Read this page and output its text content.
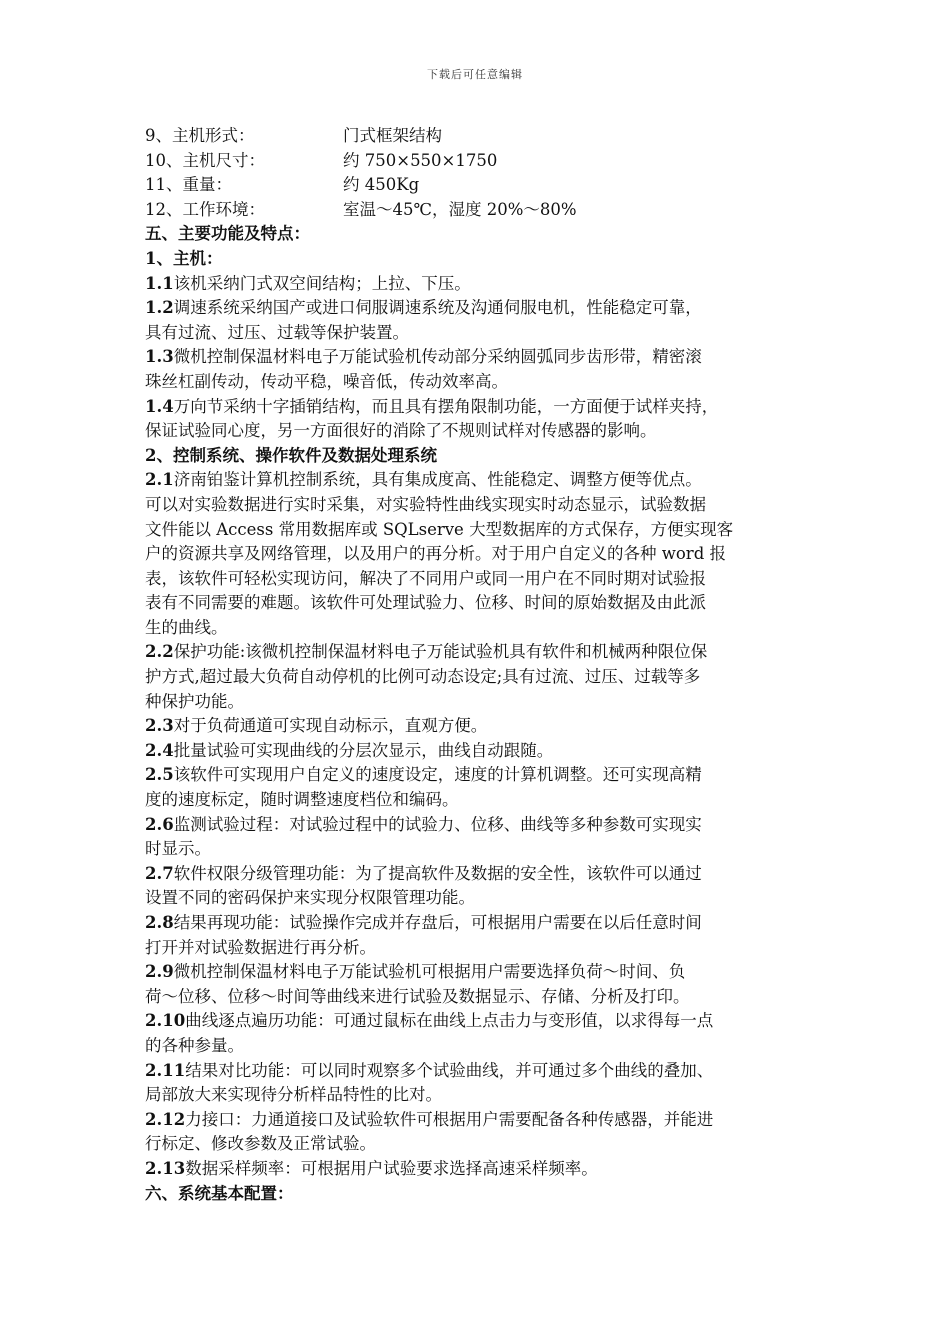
下载后可任意编辑
9、主机形式：	门式框架结构
10、主机尺寸：	约 750×550×1750
11、重量：	约 450Kg
12、工作环境：	室温～45℃，湿度 20%～80%
五、主要功能及特点：
1、主机：
1.1该机采纳门式双空间结构；上拉、下压。
1.2调速系统采纳国产或进口伺服调速系统及沟通伺服电机，性能稳定可靠，
具有过流、过压、过载等保护装置。
1.3微机控制保温材料电子万能试验机传动部分采纳圆弧同步齿形带，精密滚
珠丝杠副传动，传动平稳，噪音低，传动效率高。
1.4万向节采纳十字插销结构，而且具有摆角限制功能，一方面便于试样夹持，
保证试验同心度，另一方面很好的消除了不规则试样对传感器的影响。
2、控制系统、操作软件及数据处理系统
2.1济南铂鉴计算机控制系统，具有集成度高、性能稳定、调整方便等优点。
可以对实验数据进行实时采集，对实验特性曲线实现实时动态显示，试验数据
文件能以 Access 常用数据库或 SQLserve 大型数据库的方式保存，方便实现客
户的资源共享及网络管理，以及用户的再分析。对于用户自定义的各种 word 报
表，该软件可轻松实现访问，解决了不同用户或同一用户在不同时期对试验报
表有不同需要的难题。该软件可处理试验力、位移、时间的原始数据及由此派
生的曲线。
2.2保护功能:该微机控制保温材料电子万能试验机具有软件和机械两种限位保
护方式,超过最大负荷自动停机的比例可动态设定;具有过流、过压、过载等多
种保护功能。
2.3对于负荷通道可实现自动标示，直观方便。
2.4批量试验可实现曲线的分层次显示，曲线自动跟随。
2.5该软件可实现用户自定义的速度设定，速度的计算机调整。还可实现高精
度的速度标定，随时调整速度档位和编码。
2.6监测试验过程：对试验过程中的试验力、位移、曲线等多种参数可实现实
时显示。
2.7软件权限分级管理功能：为了提高软件及数据的安全性，该软件可以通过
设置不同的密码保护来实现分权限管理功能。
2.8结果再现功能：试验操作完成并存盘后，可根据用户需要在以后任意时间
打开并对试验数据进行再分析。
2.9微机控制保温材料电子万能试验机可根据用户需要选择负荷～时间、负
荷～位移、位移～时间等曲线来进行试验及数据显示、存储、分析及打印。
2.10曲线逐点遍历功能：可通过鼠标在曲线上点击力与变形值，以求得每一点
的各种参量。
2.11结果对比功能：可以同时观察多个试验曲线，并可通过多个曲线的叠加、
局部放大来实现待分析样品特性的比对。
2.12力接口：力通道接口及试验软件可根据用户需要配备各种传感器，并能进
行标定、修改参数及正常试验。
2.13数据采样频率：可根据用户试验要求选择高速采样频率。
六、系统基本配置：
